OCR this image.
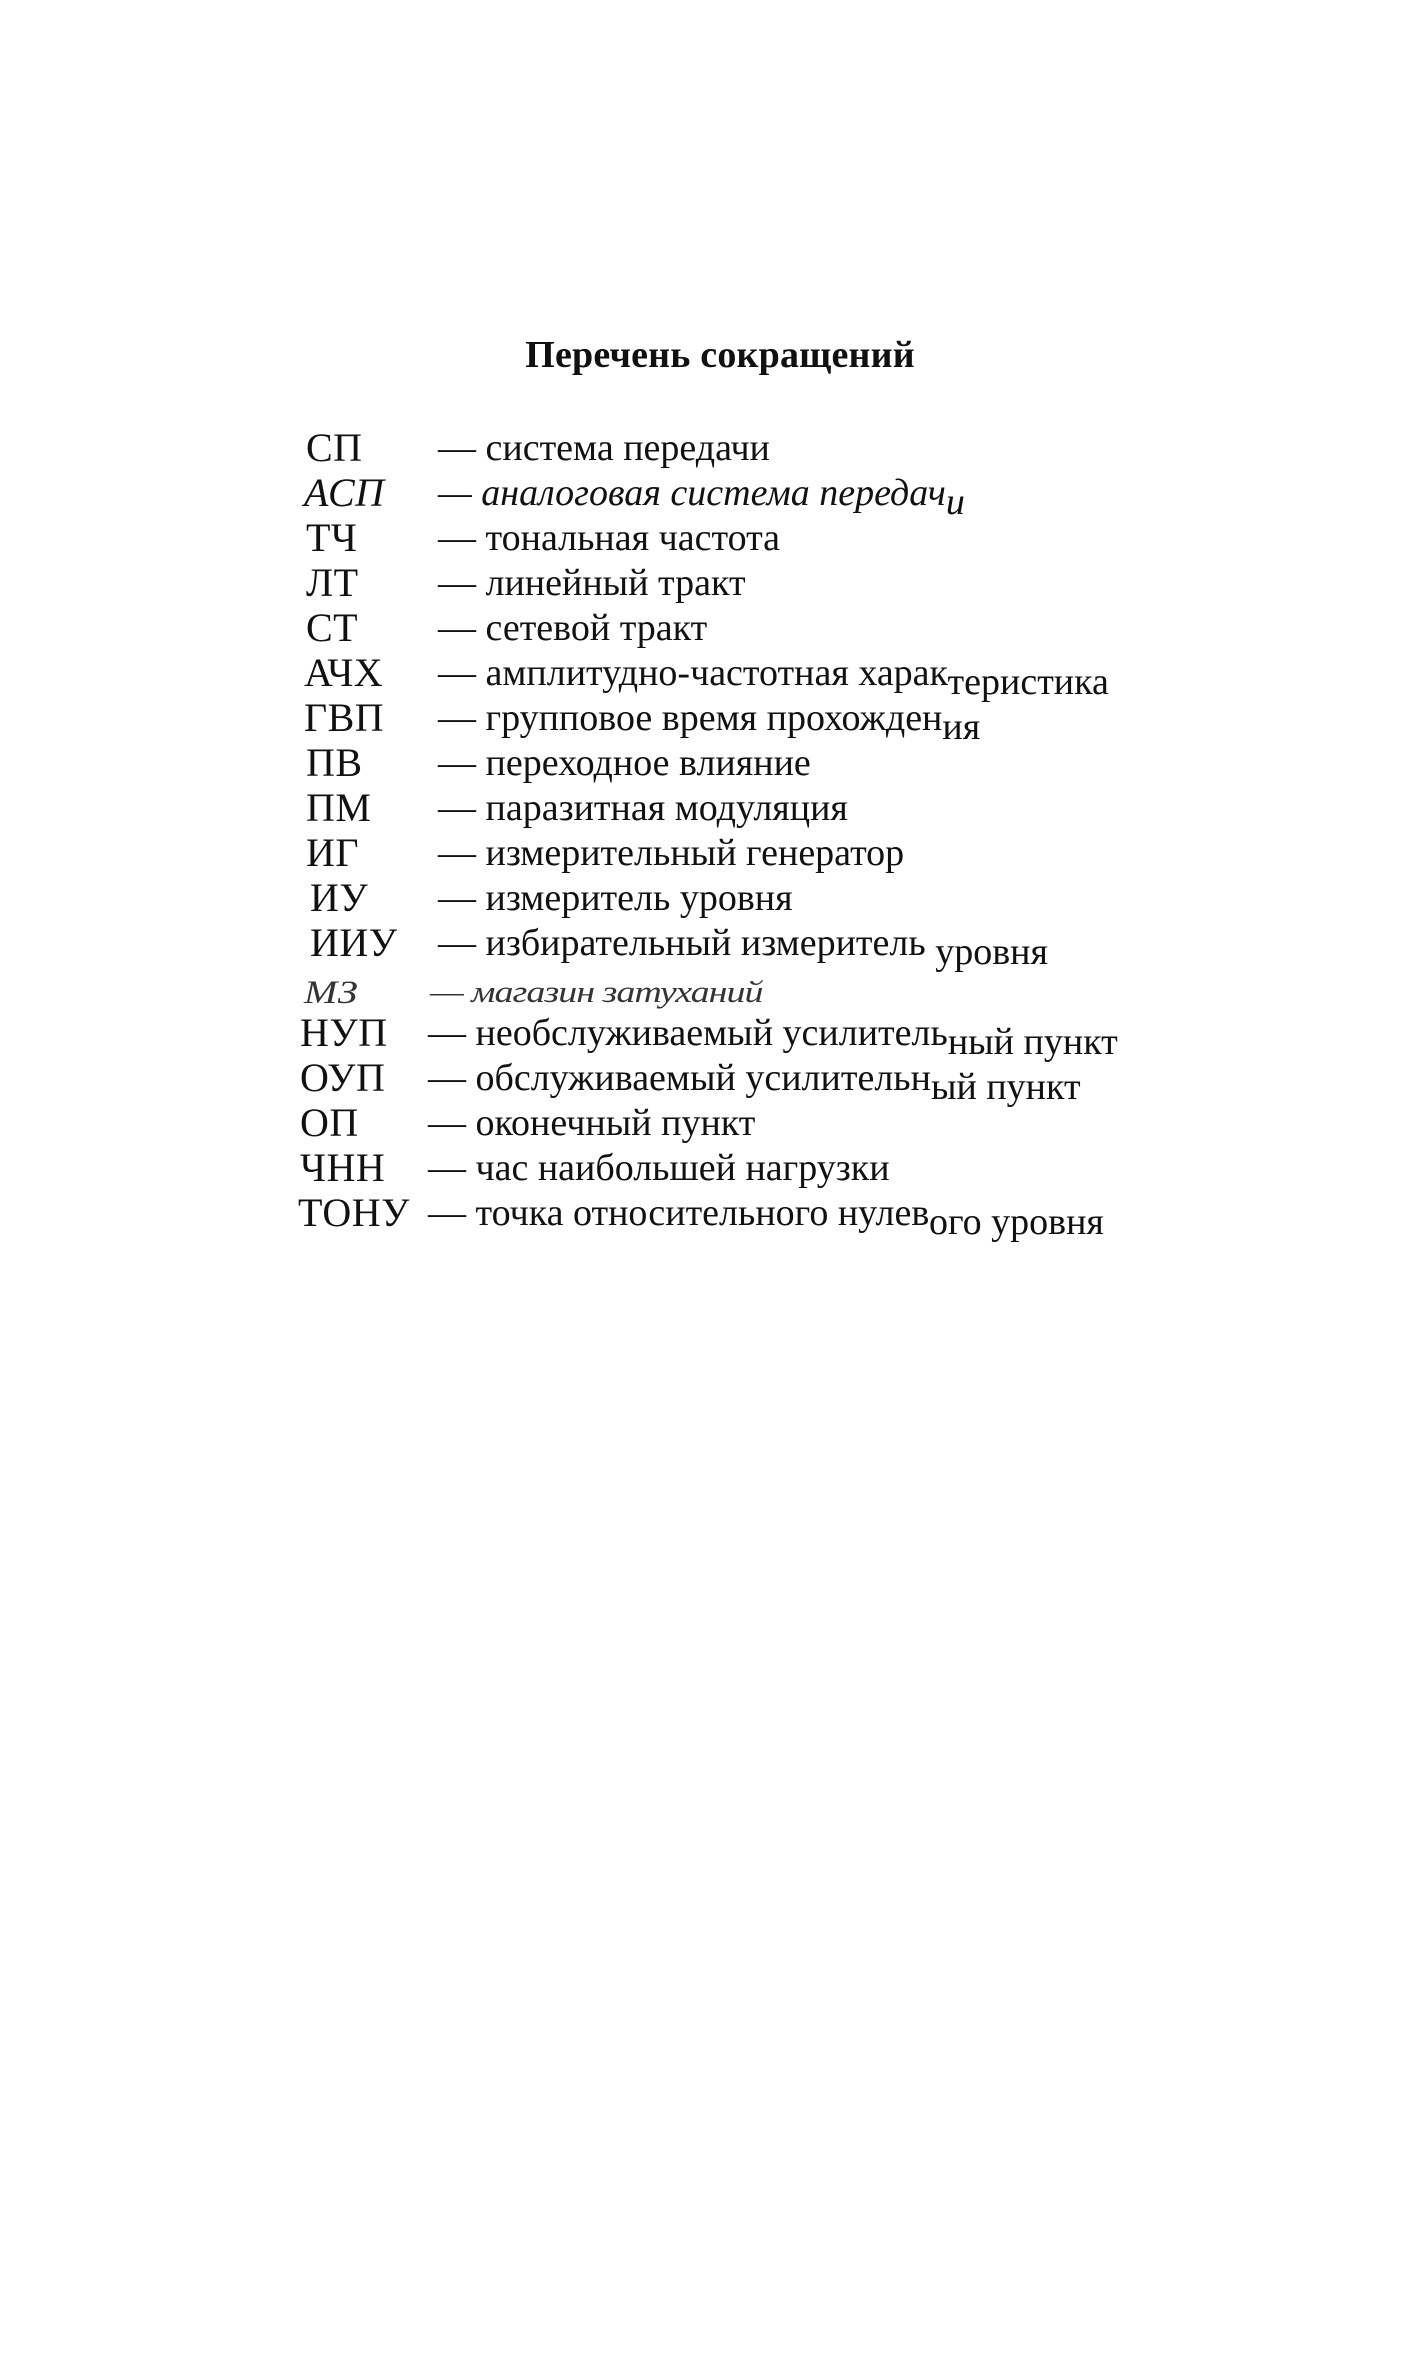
Перечень сокращений
СП — система передачи
АСП — аналоговая система передачи
ТЧ — тональная частота
ЛТ — линейный тракт
СТ — сетевой тракт
АЧХ — амплитудно-частотная характеристика
ГВП — групповое время прохождения
ПВ — переходное влияние
ПМ — паразитная модуляция
ИГ — измерительный генератор
ИУ — измеритель уровня
ИИУ — избирательный измеритель уровня
МЗ — магазин затуханий
НУП — необслуживаемый усилительный пункт
ОУП — обслуживаемый усилительный пункт
ОП — оконечный пункт
ЧНН — час наибольшей нагрузки
ТОНУ — точка относительного нулевого уровня
